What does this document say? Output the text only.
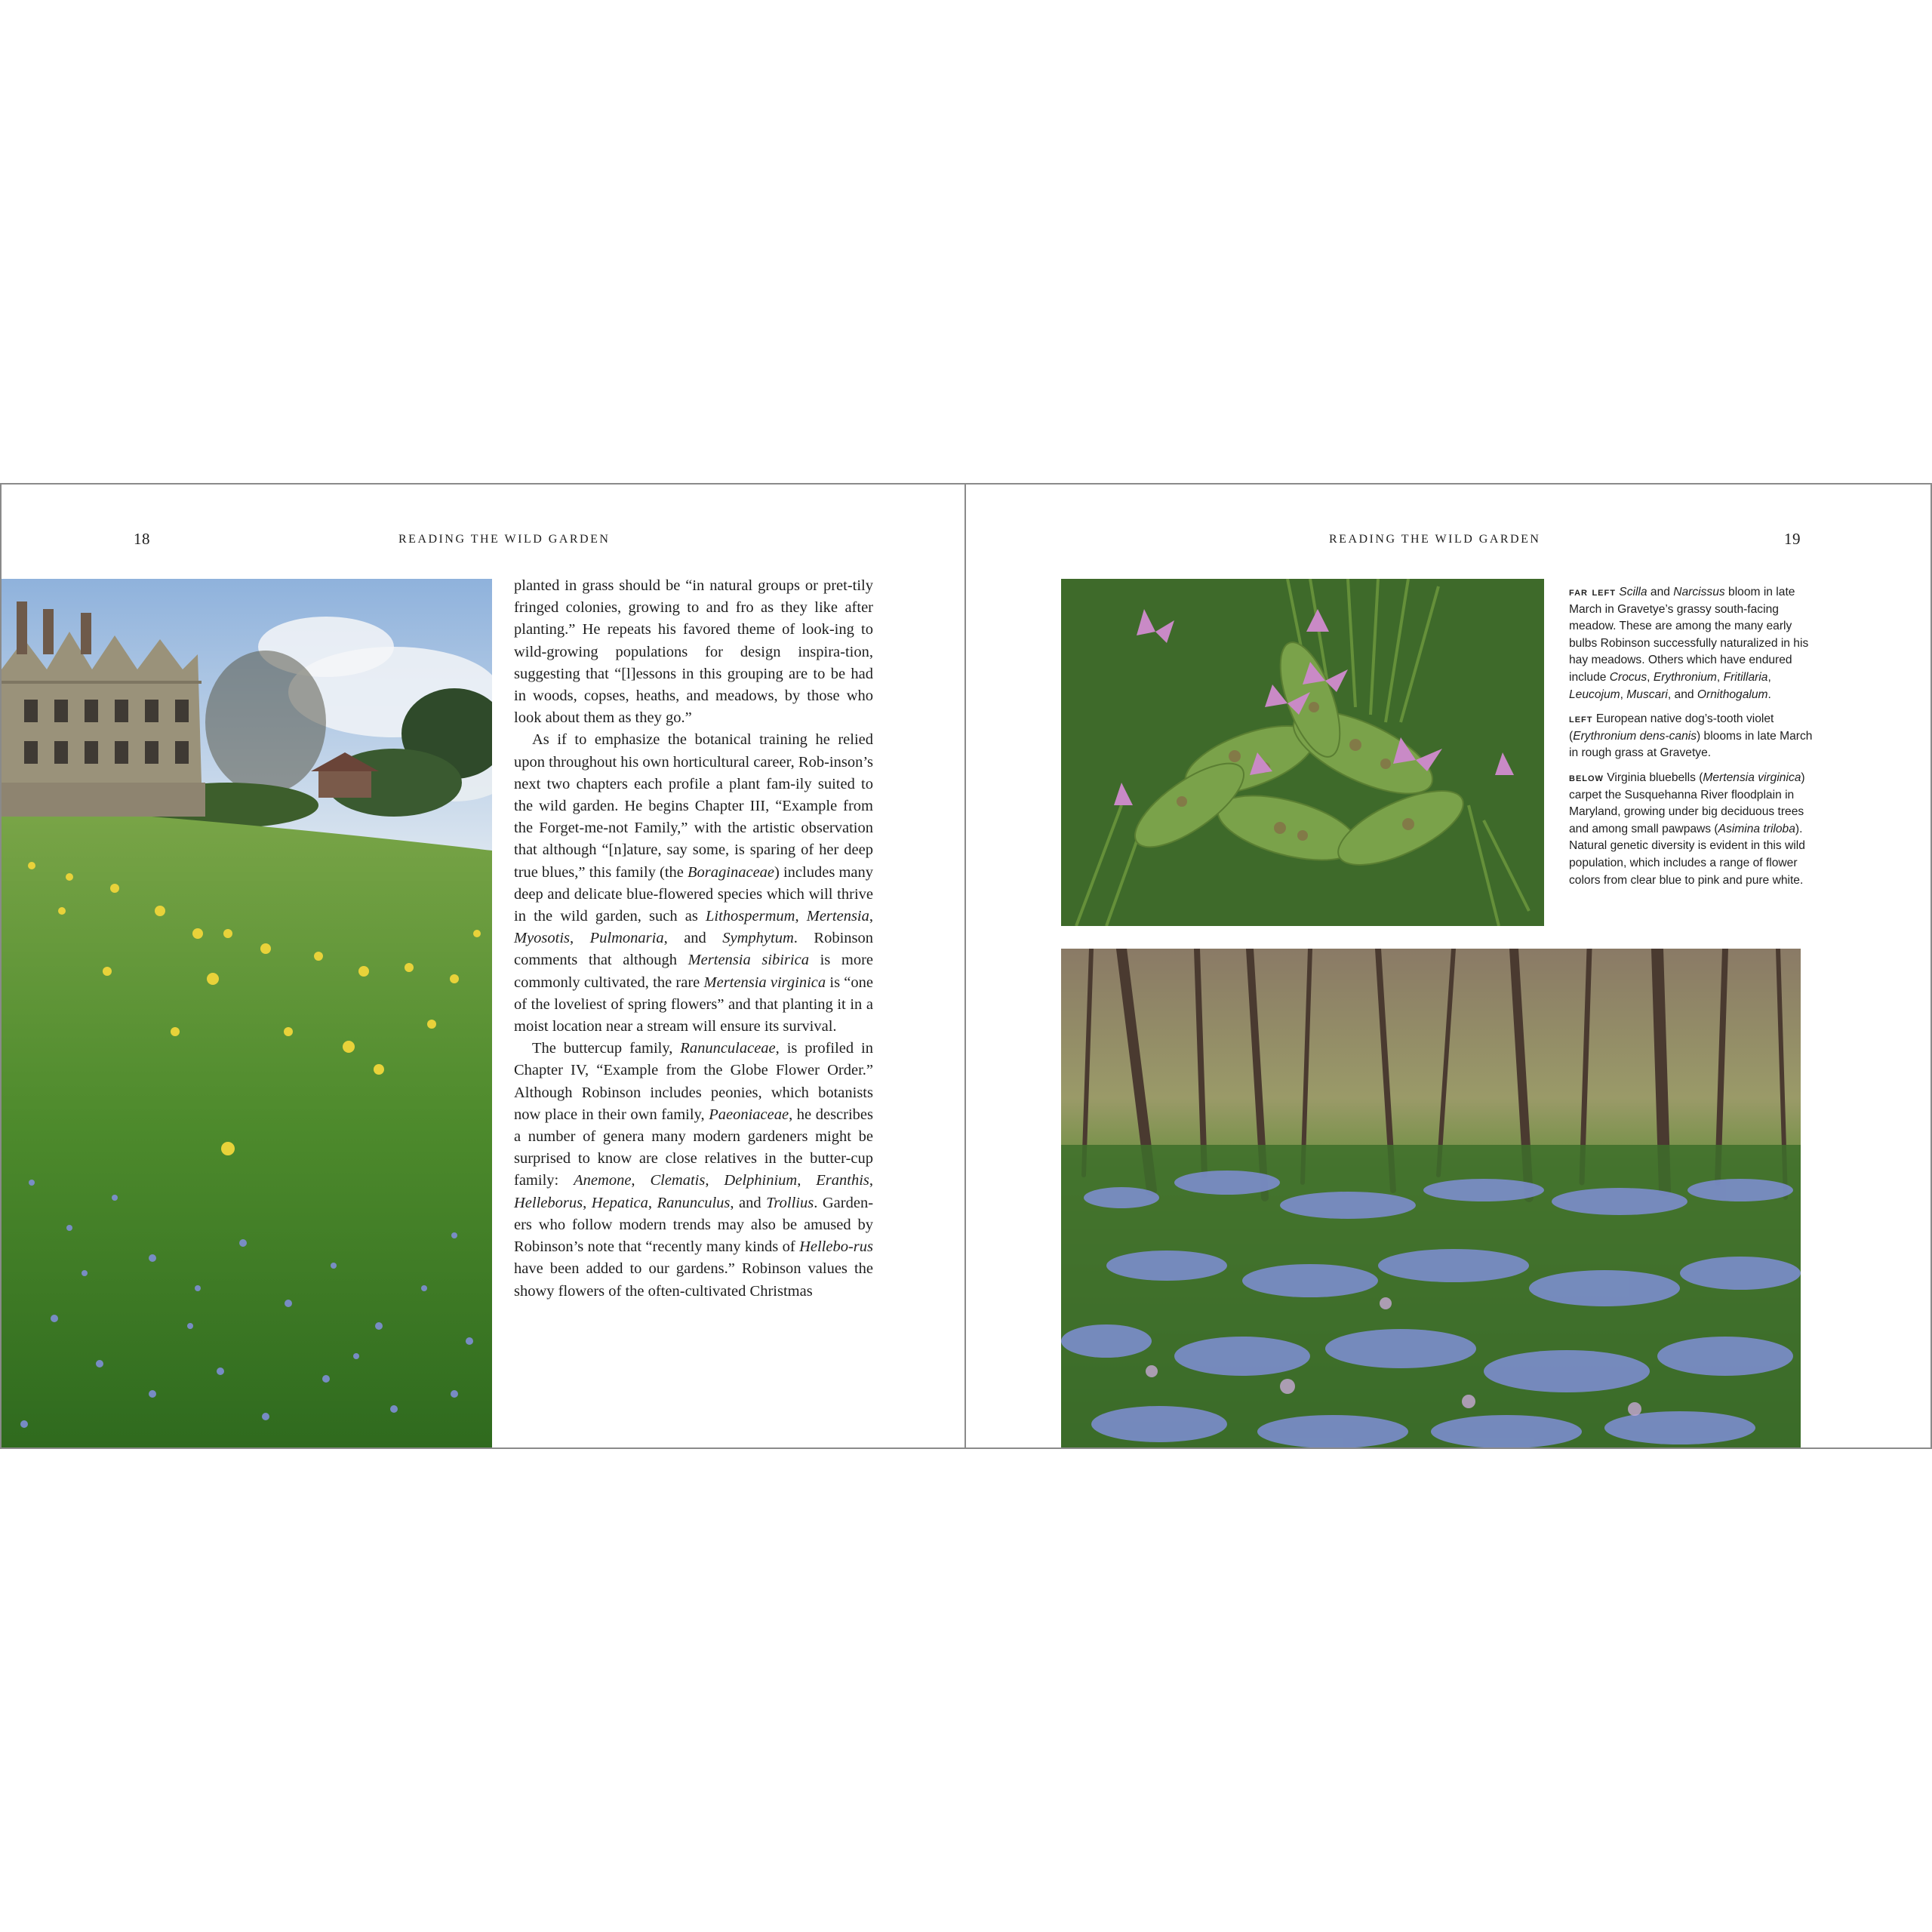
18	READING THE WILD GARDEN

planted in grass should be “in natural groups or pret-tily fringed colonies, growing to and fro as they like after planting.” He repeats his favored theme of look-ing to wild-growing populations for design inspira-tion, suggesting that “[l]essons in this grouping are to be had in woods, copses, heaths, and meadows, by those who look about them as they go.”

As if to emphasize the botanical training he relied upon throughout his own horticultural career, Rob-inson’s next two chapters each profile a plant fam-ily suited to the wild garden. He begins Chapter III, “Example from the Forget-me-not Family,” with the artistic observation that although “[n]ature, say some, is sparing of her deep true blues,” this family (the Boraginaceae) includes many deep and delicate blue-flowered species which will thrive in the wild garden, such as Lithospermum, Mertensia, Myosotis, Pulmonaria, and Symphytum. Robinson comments that although Mertensia sibirica is more commonly cultivated, the rare Mertensia virginica is “one of the loveliest of spring flowers” and that planting it in a moist location near a stream will ensure its survival.

The buttercup family, Ranunculaceae, is profiled in Chapter IV, “Example from the Globe Flower Order.” Although Robinson includes peonies, which botanists now place in their own family, Paeoniaceae, he describes a number of genera many modern gardeners might be surprised to know are close relatives in the butter-cup family: Anemone, Clematis, Delphinium, Eranthis, Helleborus, Hepatica, Ranunculus, and Trollius. Garden-ers who follow modern trends may also be amused by Robinson’s note that “recently many kinds of Hellebo-rus have been added to our gardens.” Robinson values the showy flowers of the often-cultivated Christmas

READING THE WILD GARDEN	19

far left Scilla and Narcissus bloom in late March in Gravetye’s grassy south-facing meadow. These are among the many early bulbs Robinson successfully naturalized in his hay meadows. Others which have endured include Crocus, Erythronium, Fritillaria, Leucojum, Muscari, and Ornithogalum.

left European native dog’s-tooth violet (Erythronium dens-canis) blooms in late March in rough grass at Gravetye.

below Virginia bluebells (Mertensia virginica) carpet the Susquehanna River floodplain in Maryland, growing under big deciduous trees and among small pawpaws (Asimina triloba). Natural genetic diversity is evident in this wild population, which includes a range of flower colors from clear blue to pink and pure white.
